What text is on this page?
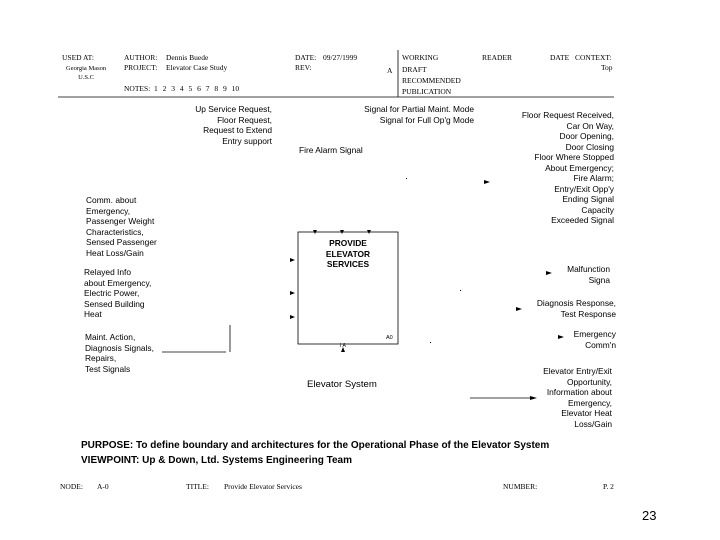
USED AT:
Georgia Mason
U.S.C
AUTHOR: Dennis Buede
PROJECT: Elevator Case Study
NOTES: 1 2 3 4 5 6 7 8 9 10
DATE: 09/27/1999
REV:	A
WORKING
DRAFT
RECOMMENDED
PUBLICATION
READER	DATE CONTEXT:
Top
PROVIDE
ELEVATOR
SERVICES
A0
I A
Elevator System
Up Service Request,
Floor Request,
Request to Extend
Entry support
Signal for Partial Maint. Mode
Signal for Full Op'g Mode
Fire Alarm Signal
Comm. about
Emergency,
Passenger Weight
Characteristics,
Sensed Passenger
Heat Loss/Gain
Relayed Info
about Emergency,
Electric Power,
Sensed Building
Heat
Maint. Action,
Diagnosis Signals,
Repairs,
Test Signals
Floor Request Received,
Car On Way,
Door Opening,
Door Closing
Floor Where Stopped
About Emergency;
Fire Alarm;
Entry/Exit Opp'y
Ending Signal
Capacity
Exceeded Signal
Malfunction
Signa
Diagnosis Response,
Test Response
Emergency
Comm'n
Elevator Entry/Exit
Opportunity,
Information about
Emergency,
Elevator Heat
Loss/Gain
PURPOSE: To define boundary and architectures for the Operational Phase of the Elevator System
VIEWPOINT: Up & Down, Ltd. Systems Engineering Team
NODE: A-0	TITLE: Provide Elevator Services	NUMBER:	P. 2
23
